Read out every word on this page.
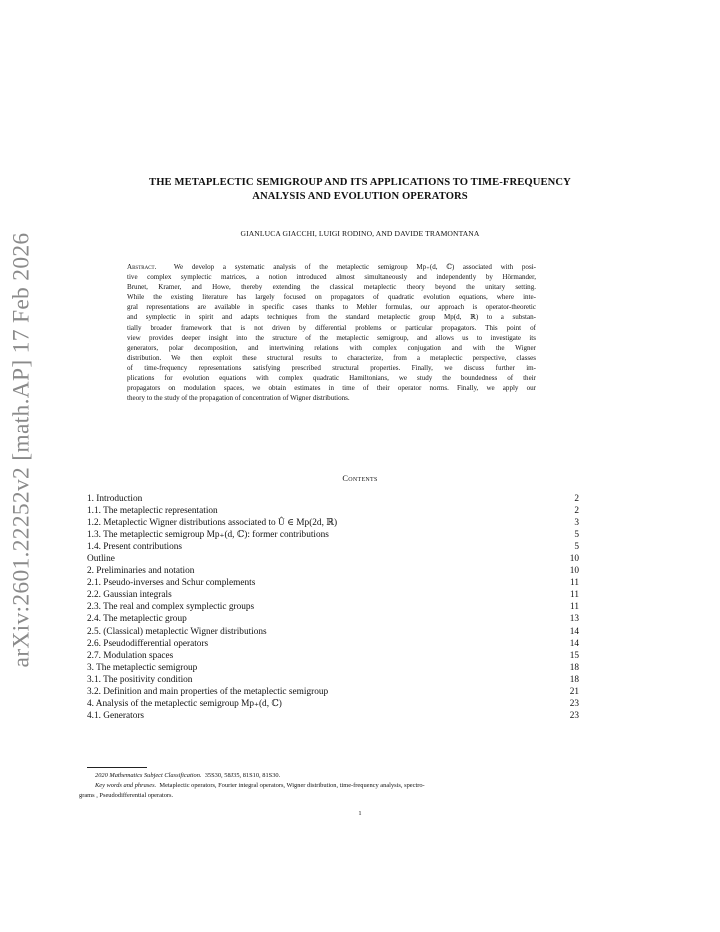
arXiv:2601.22252v2 [math.AP] 17 Feb 2026
THE METAPLECTIC SEMIGROUP AND ITS APPLICATIONS TO TIME-FREQUENCY
ANALYSIS AND EVOLUTION OPERATORS
GIANLUCA GIACCHI, LUIGI RODINO, AND DAVIDE TRAMONTANA
Abstract. We develop a systematic analysis of the metaplectic semigroup Mp₊(d, ℂ) associated with posi-
tive complex symplectic matrices, a notion introduced almost simultaneously and independently by Hörmander,
Brunet, Kramer, and Howe, thereby extending the classical metaplectic theory beyond the unitary setting.
While the existing literature has largely focused on propagators of quadratic evolution equations, where inte-
gral representations are available in specific cases thanks to Mehler formulas, our approach is operator-theoretic
and symplectic in spirit and adapts techniques from the standard metaplectic group Mp(d, ℝ) to a substan-
tially broader framework that is not driven by differential problems or particular propagators. This point of
view provides deeper insight into the structure of the metaplectic semigroup, and allows us to investigate its
generators, polar decomposition, and intertwining relations with complex conjugation and with the Wigner
distribution. We then exploit these structural results to characterize, from a metaplectic perspective, classes
of time-frequency representations satisfying prescribed structural properties. Finally, we discuss further im-
plications for evolution equations with complex quadratic Hamiltonians, we study the boundedness of their
propagators on modulation spaces, we obtain estimates in time of their operator norms. Finally, we apply our
theory to the study of the propagation of concentration of Wigner distributions.
Contents
1. Introduction	2
1.1. The metaplectic representation	2
1.2. Metaplectic Wigner distributions associated to Û ∈ Mp(2d, ℝ)	3
1.3. The metaplectic semigroup Mp₊(d, ℂ): former contributions	5
1.4. Present contributions	5
Outline	10
2. Preliminaries and notation	10
2.1. Pseudo-inverses and Schur complements	11
2.2. Gaussian integrals	11
2.3. The real and complex symplectic groups	11
2.4. The metaplectic group	13
2.5. (Classical) metaplectic Wigner distributions	14
2.6. Pseudodifferential operators	14
2.7. Modulation spaces	15
3. The metaplectic semigroup	18
3.1. The positivity condition	18
3.2. Definition and main properties of the metaplectic semigroup	21
4. Analysis of the metaplectic semigroup Mp₊(d, ℂ)	23
4.1. Generators	23
2020 Mathematics Subject Classification. 35S30, 58J35, 81S10, 81S30.
Key words and phrases. Metaplectic operators, Fourier integral operators, Wigner distribution, time-frequency analysis, spectro-
grams , Pseudodifferential operators.
1
